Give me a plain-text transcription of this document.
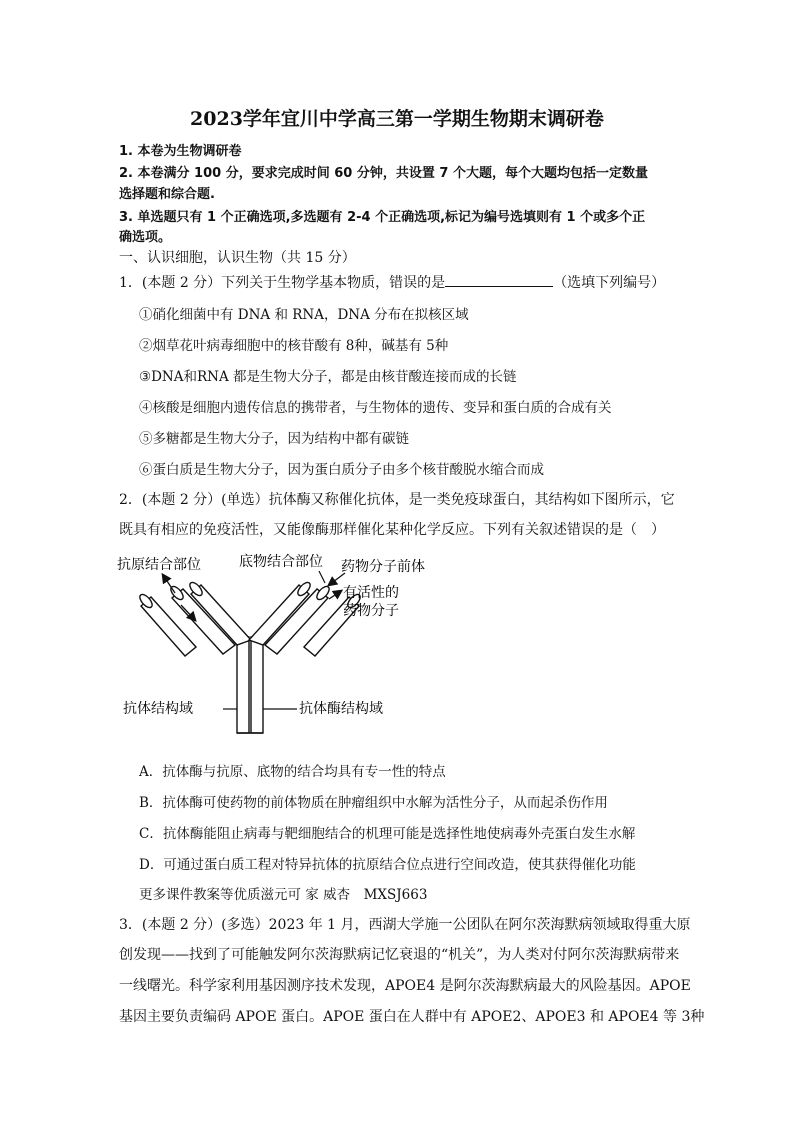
2023学年宜川中学高三第一学期生物期末调研卷
1. 本卷为生物调研卷
2. 本卷满分 100 分，要求完成时间 60 分钟，共设置 7 个大题，每个大题均包括一定数量
选择题和综合题.
3. 单选题只有 1 个正确选项,多选题有 2-4 个正确选项,标记为编号选填则有 1 个或多个正
确选项。
一、认识细胞，认识生物（共 15 分）
1．(本题 2 分）下列关于生物学基本物质，错误的是	（选填下列编号）
①硝化细菌中有 DNA 和 RNA，DNA 分布在拟核区域
②烟草花叶病毒细胞中的核苷酸有 8种，碱基有 5种
③DNA和RNA 都是生物大分子，都是由核苷酸连接而成的长链
④核酸是细胞内遗传信息的携带者，与生物体的遗传、变异和蛋白质的合成有关
⑤多糖都是生物大分子，因为结构中都有碳链
⑥蛋白质是生物大分子，因为蛋白质分子由多个核苷酸脱水缩合而成
2．(本题 2 分）(单选）抗体酶又称催化抗体，是一类免疫球蛋白，其结构如下图所示，它
既具有相应的免疫活性，又能像酶那样催化某种化学反应。下列有关叙述错误的是（　）
抗原结合部位	底物结合部位 药物分子前体
有活性的
药物分子
抗体结构域	抗体酶结构域
A．抗体酶与抗原、底物的结合均具有专一性的特点
B．抗体酶可使药物的前体物质在肿瘤组织中水解为活性分子，从而起杀伤作用
C．抗体酶能阻止病毒与靶细胞结合的机理可能是选择性地使病毒外壳蛋白发生水解
D．可通过蛋白质工程对特异抗体的抗原结合位点进行空间改造，使其获得催化功能
更多课件教案等优质滋元可 家 威杏　MXSJ663
3．(本题 2 分）(多选）2023 年 1 月，西湖大学施一公团队在阿尔茨海默病领域取得重大原
创发现——找到了可能触发阿尔茨海默病记忆衰退的“机关”，为人类对付阿尔茨海默病带来
一线曙光。科学家利用基因测序技术发现，APOE4 是阿尔茨海默病最大的风险基因。APOE
基因主要负责编码 APOE 蛋白。APOE 蛋白在人群中有 APOE2、APOE3 和 APOE4 等 3种
